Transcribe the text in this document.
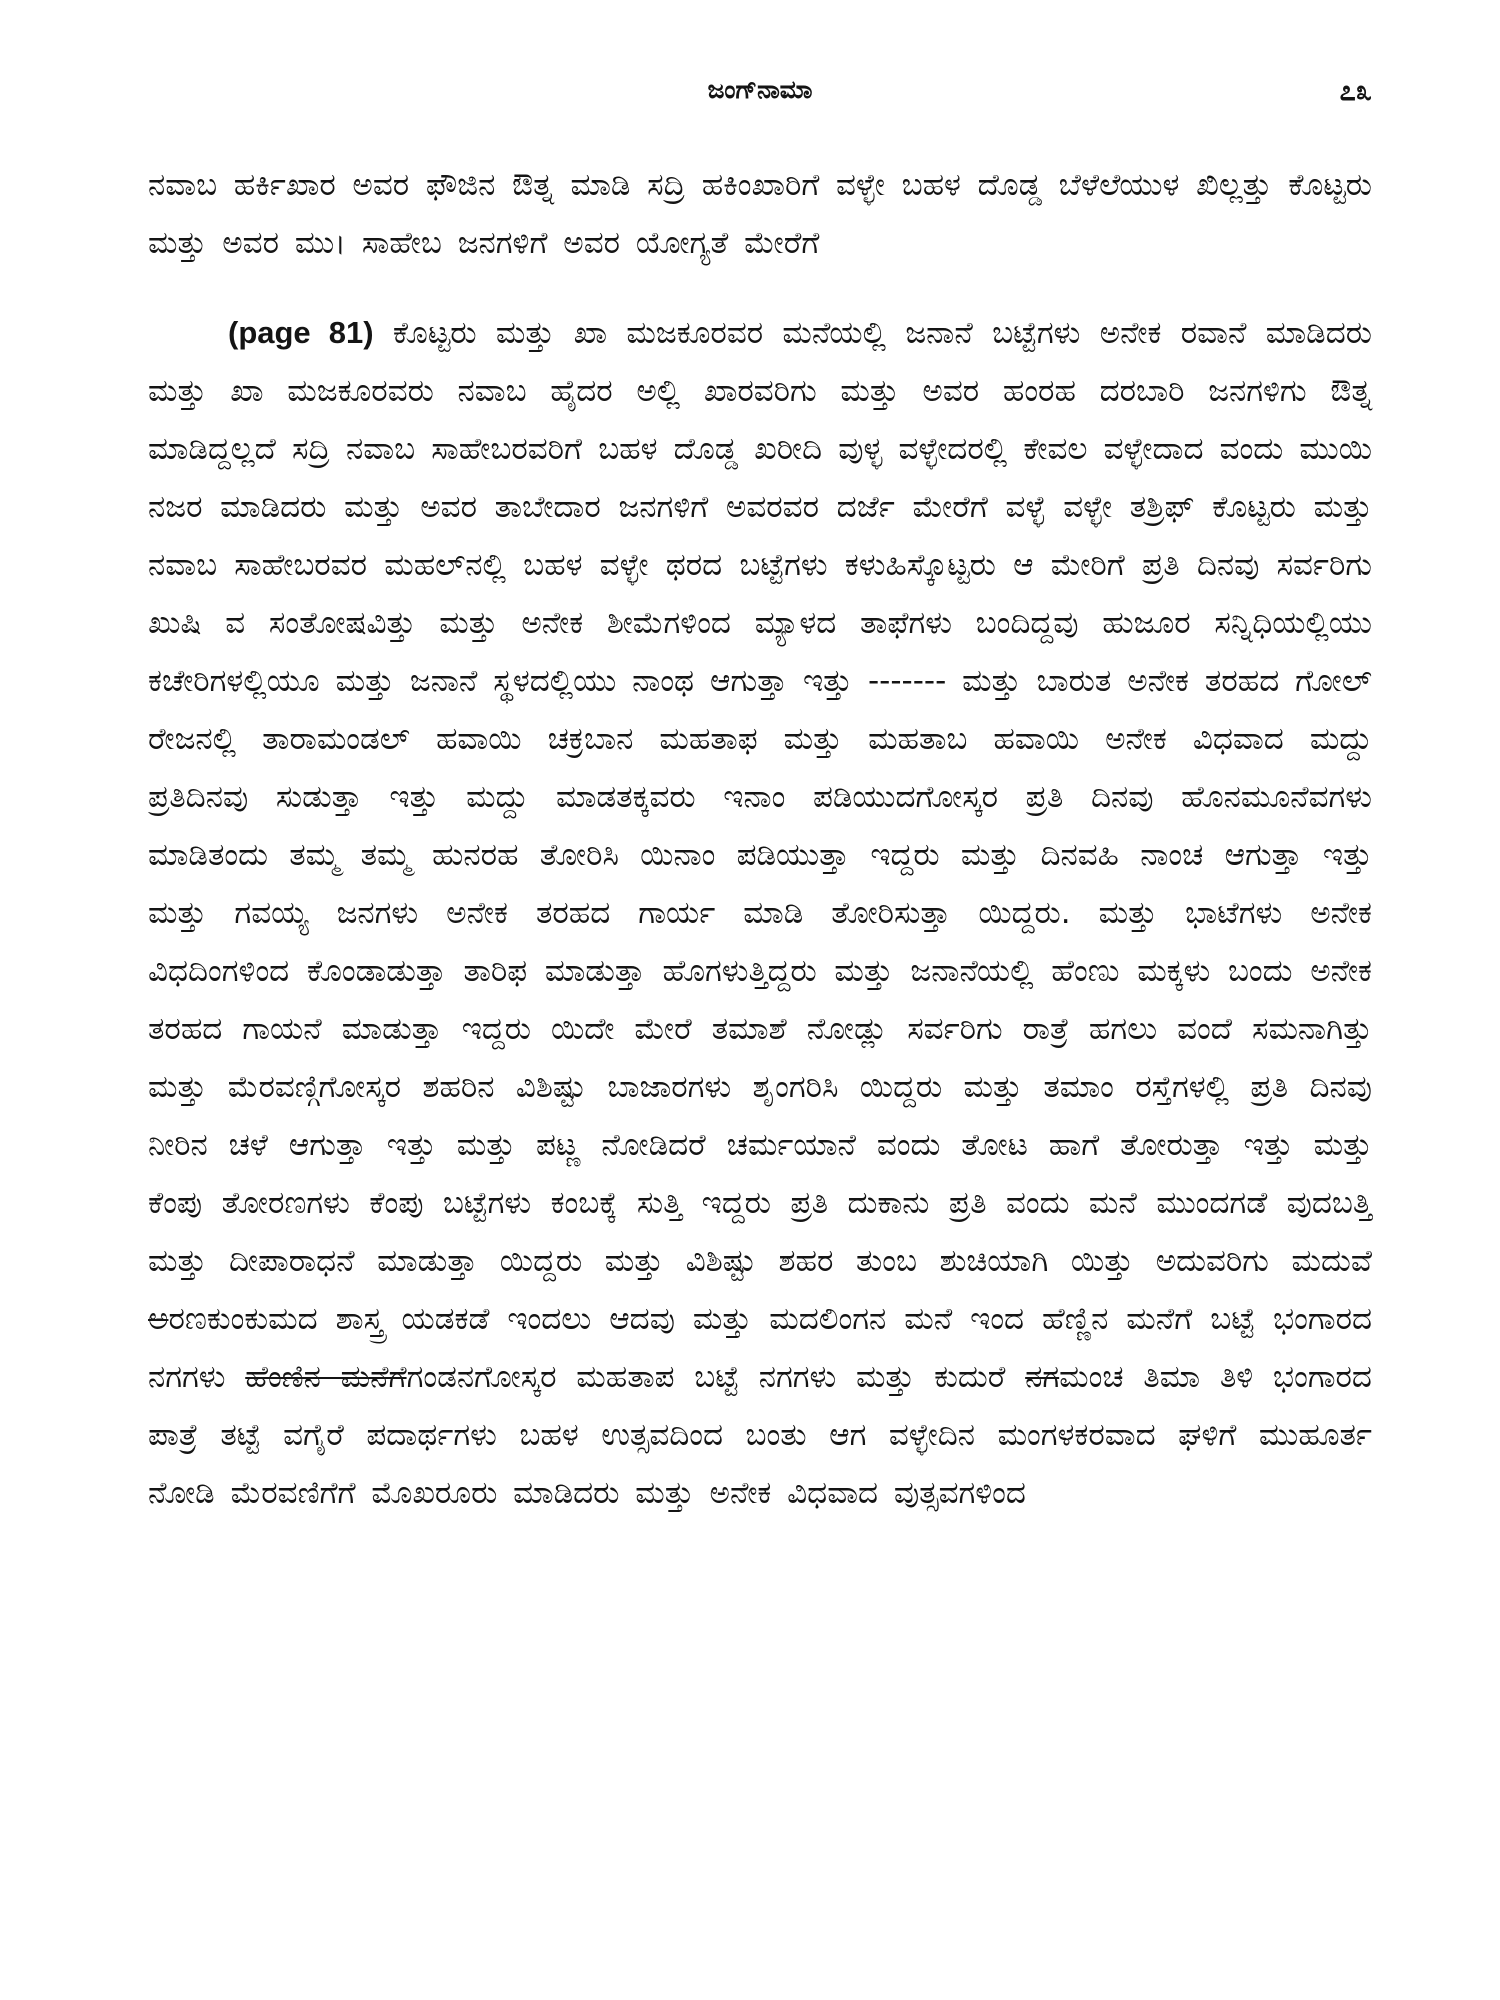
ಜಂಗ್‌ನಾಮಾ	೭೩

ನವಾಬ ಹರ್ಕಿಖಾರ ಅವರ ಫೌಜಿನ ಔತ್ನ ಮಾಡಿ ಸದ್ರಿ ಹಕಿಂಖಾರಿಗೆ ವಳ್ಳೇ ಬಹಳ ದೊಡ್ಡ ಬೆಳೆಲೆಯುಳ ಖಿಲ್ಲತ್ತು ಕೊಟ್ಟರು ಮತ್ತು ಅವರ ಮು। ಸಾಹೇಬ ಜನಗಳಿಗೆ ಅವರ ಯೋಗ್ಯತೆ ಮೇರೆಗೆ

(page 81) ಕೊಟ್ಟರು ಮತ್ತು ಖಾ ಮಜಕೂರವರ ಮನೆಯಲ್ಲಿ ಜನಾನೆ ಬಟ್ಟೆಗಳು ಅನೇಕ ರವಾನೆ ಮಾಡಿದರು ಮತ್ತು ಖಾ ಮಜಕೂರವರು ನವಾಬ ಹೈದರ ಅಲ್ಲಿ ಖಾರವರಿಗು ಮತ್ತು ಅವರ ಹಂರಹ ದರಬಾರಿ ಜನಗಳಿಗು ಔತ್ನ ಮಾಡಿದ್ದಲ್ಲದೆ ಸದ್ರಿ ನವಾಬ ಸಾಹೇಬರವರಿಗೆ ಬಹಳ ದೊಡ್ಡ ಖರೀದಿ ವುಳ್ಳ ವಳ್ಳೇದರಲ್ಲಿ ಕೇವಲ ವಳ್ಳೇದಾದ ವಂದು ಮುಯಿ ನಜರ ಮಾಡಿದರು ಮತ್ತು ಅವರ ತಾಬೇದಾರ ಜನಗಳಿಗೆ ಅವರವರ ದರ್ಜೆ ಮೇರೆಗೆ ವಳ್ಳೆ ವಳ್ಳೇ ತಶ್ರಿಫ್ ಕೊಟ್ಟರು ಮತ್ತು ನವಾಬ ಸಾಹೇಬರವರ ಮಹಲ್‌ನಲ್ಲಿ ಬಹಳ ವಳ್ಳೇ ಥರದ ಬಟ್ಟೆಗಳು ಕಳುಹಿಸ್ಕೊಟ್ಟರು ಆ ಮೇರಿಗೆ ಪ್ರತಿ ದಿನವು ಸರ್ವರಿಗು ಖುಷಿ ವ ಸಂತೋಷವಿತ್ತು ಮತ್ತು ಅನೇಕ ಶೀಮೆಗಳಿಂದ ಮ್ಯಾಳದ ತಾಫೆಗಳು ಬಂದಿದ್ದವು ಹುಜೂರ ಸನ್ನಿಧಿಯಲ್ಲಿಯು ಕಚೇರಿಗಳಲ್ಲಿಯೂ ಮತ್ತು ಜನಾನೆ ಸ್ಥಳದಲ್ಲಿಯು ನಾಂಥ ಆಗುತ್ತಾ ಇತ್ತು ------- ಮತ್ತು ಬಾರುತ ಅನೇಕ ತರಹದ ಗೋಲ್ ರೇಜನಲ್ಲಿ ತಾರಾಮಂಡಲ್ ಹವಾಯಿ ಚಕ್ರಬಾನ ಮಹತಾಫ ಮತ್ತು ಮಹತಾಬ ಹವಾಯಿ ಅನೇಕ ವಿಧವಾದ ಮದ್ದು ಪ್ರತಿದಿನವು ಸುಡುತ್ತಾ ಇತ್ತು ಮದ್ದು ಮಾಡತಕ್ಕವರು ಇನಾಂ ಪಡಿಯುದಗೋಸ್ಕರ ಪ್ರತಿ ದಿನವು ಹೊನಮೂನೆವಗಳು ಮಾಡಿತಂದು ತಮ್ಮ ತಮ್ಮ ಹುನರಹ ತೋರಿಸಿ ಯಿನಾಂ ಪಡಿಯುತ್ತಾ ಇದ್ದರು ಮತ್ತು ದಿನವಹಿ ನಾಂಚ ಆಗುತ್ತಾ ಇತ್ತು ಮತ್ತು ಗವಯ್ಯ ಜನಗಳು ಅನೇಕ ತರಹದ ಗಾರ್ಯ ಮಾಡಿ ತೋರಿಸುತ್ತಾ ಯಿದ್ದರು. ಮತ್ತು ಭಾಟೆಗಳು ಅನೇಕ ವಿಧದಿಂಗಳಿಂದ ಕೊಂಡಾಡುತ್ತಾ ತಾರಿಫ ಮಾಡುತ್ತಾ ಹೊಗಳುತ್ತಿದ್ದರು ಮತ್ತು ಜನಾನೆಯಲ್ಲಿ ಹೆಂಣು ಮಕ್ಕಳು ಬಂದು ಅನೇಕ ತರಹದ ಗಾಯನೆ ಮಾಡುತ್ತಾ ಇದ್ದರು ಯಿದೇ ಮೇರೆ ತಮಾಶೆ ನೋಡ್ಲು ಸರ್ವರಿಗು ರಾತ್ರೆ ಹಗಲು ವಂದೆ ಸಮನಾಗಿತ್ತು ಮತ್ತು ಮೆರವಣ್ಗಿಗೋಸ್ಕರ ಶಹರಿನ ವಿಶಿಷ್ಟು ಬಾಜಾರಗಳು ಶೃಂಗರಿಸಿ ಯಿದ್ದರು ಮತ್ತು ತಮಾಂ ರಸ್ತೆಗಳಲ್ಲಿ ಪ್ರತಿ ದಿನವು ನೀರಿನ ಚಳೆ ಆಗುತ್ತಾ ಇತ್ತು ಮತ್ತು ಪಟ್ಣ ನೋಡಿದರೆ ಚರ್ಮಯಾನೆ ವಂದು ತೋಟ ಹಾಗೆ ತೋರುತ್ತಾ ಇತ್ತು ಮತ್ತು ಕೆಂಪು ತೋರಣಗಳು ಕೆಂಪು ಬಟ್ಟೆಗಳು ಕಂಬಕ್ಕೆ ಸುತ್ತಿ ಇದ್ದರು ಪ್ರತಿ ದುಕಾನು ಪ್ರತಿ ವಂದು ಮನೆ ಮುಂದಗಡೆ ವುದಬತ್ತಿ ಮತ್ತು ದೀಪಾರಾಧನೆ ಮಾಡುತ್ತಾ ಯಿದ್ದರು ಮತ್ತು ವಿಶಿಷ್ಟು ಶಹರ ತುಂಬ ಶುಚಿಯಾಗಿ ಯಿತ್ತು ಅದುವರಿಗು ಮದುವೆ ಅರಣಕುಂಕುಮದ ಶಾಸ್ತ್ರ ಯಡಕಡೆ ಇಂದಲು ಆದವು ಮತ್ತು ಮದಲಿಂಗನ ಮನೆ ಇಂದ ಹೆಣ್ಣಿನ ಮನೆಗೆ ಬಟ್ಟೆ ಭಂಗಾರದ ನಗಗಳು ಹೆಂಣಿನ ಮನೆಗೆಗಂಡನಗೋಸ್ಕರ ಮಹತಾಪ ಬಟ್ಟೆ ನಗಗಳು ಮತ್ತು ಕುದುರೆ ನಗಮಂಚ ತಿಮಾ ತಿಳಿ ಭಂಗಾರದ ಪಾತ್ರೆ ತಟ್ಟೆ ವಗೈರೆ ಪದಾರ್ಥಗಳು ಬಹಳ ಉತ್ಸವದಿಂದ ಬಂತು ಆಗ ವಳ್ಳೇದಿನ ಮಂಗಳಕರವಾದ ಘಳಿಗೆ ಮುಹೂರ್ತ ನೋಡಿ ಮೆರವಣಿಗೆಗೆ ಮೊಖರೂರು ಮಾಡಿದರು ಮತ್ತು ಅನೇಕ ವಿಧವಾದ ವುತ್ಸವಗಳಿಂದ
